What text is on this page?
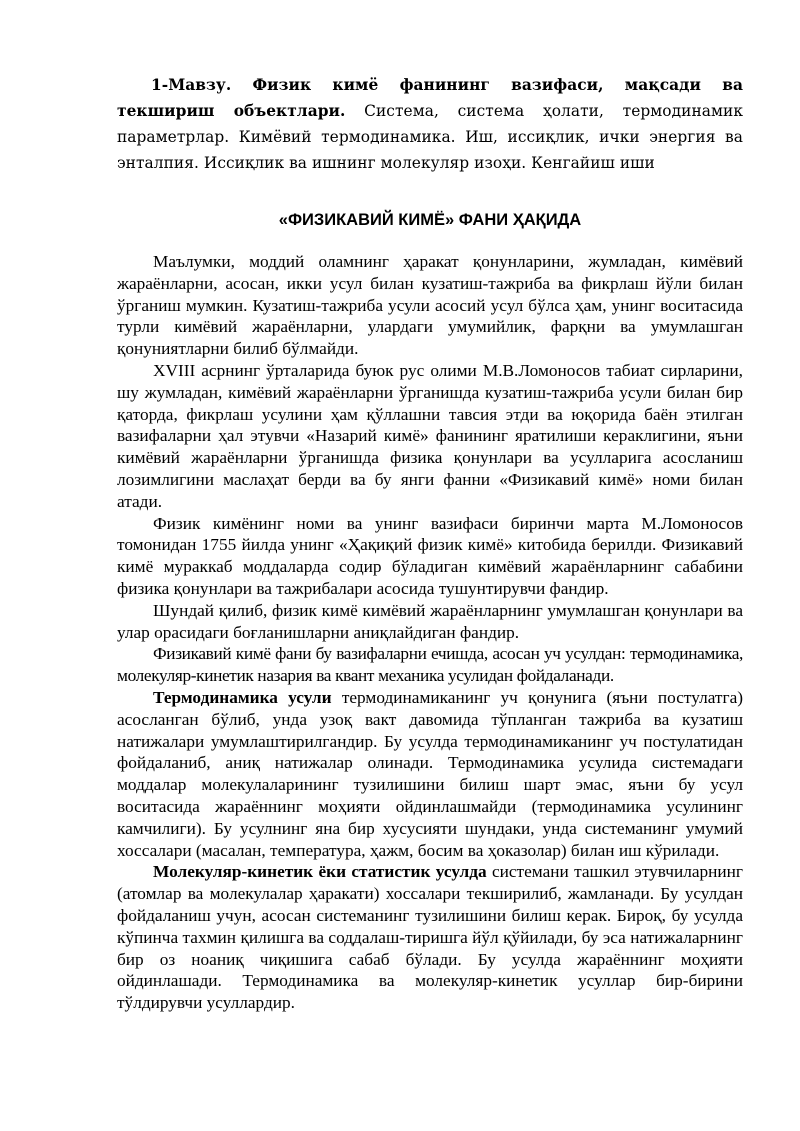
1-Мавзу. Физик кимё фанининг вазифаси, мақсади ва текшириш объектлари. Система, система ҳолати, термодинамик параметрлар. Кимёвий термодинамика. Иш, иссиқлик, ички энергия ва энталпия. Иссиқлик ва ишнинг молекуляр изоҳи. Кенгайиш иши

«ФИЗИКАВИЙ КИМЁ» ФАНИ ҲАҚИДА

Маълумки, моддий оламнинг ҳаракат қонунларини, жумладан, кимёвий жараёнларни, асосан, икки усул билан кузатиш-тажриба ва фикрлаш йўли билан ўрганиш мумкин. Кузатиш-тажриба усули асосий усул бўлса ҳам, унинг воситасида турли кимёвий жараёнларни, улардаги умумийлик, фарқни ва умумлашган қонуниятларни билиб бўлмайди.

XVIII асрнинг ўрталарида буюк рус олими М.В.Ломоносов табиат сирларини, шу жумладан, кимёвий жараёнларни ўрганишда кузатиш-тажриба усули билан бир қаторда, фикрлаш усулини ҳам қўллашни тавсия этди ва юқорида баён этилган вазифаларни ҳал этувчи «Назарий кимё» фанининг яратилиши кераклигини, яъни кимёвий жараёнларни ўрганишда физика қонунлари ва усулларига асосланиш лозимлигини маслаҳат берди ва бу янги фанни «Физикавий кимё» номи билан атади.

Физик кимёнинг номи ва унинг вазифаси биринчи марта М.Ломоносов томонидан 1755 йилда унинг «Ҳақиқий физик кимё» китобида берилди. Физикавий кимё мураккаб моддаларда содир бўладиган кимёвий жараёнларнинг сабабини физика қонунлари ва тажрибалари асосида тушунтирувчи фандир.

Шундай қилиб, физик кимё кимёвий жараёнларнинг умумлашган қонунлари ва улар орасидаги боғланишларни аниқлайдиган фандир.

Физикавий кимё фани бу вазифаларни ечишда, асосан уч усулдан: термодинамика, молекуляр-кинетик назария ва квант механика усулидан фойдаланади.

Термодинамика усули термодинамиканинг уч қонунига (яъни постулатга) асосланган бўлиб, унда узоқ вакт давомида тўпланган тажриба ва кузатиш натижалари умумлаштирилгандир. Бу усулда термодинамиканинг уч постулатидан фойдаланиб, аниқ натижалар олинади. Термодинамика усулида системадаги моддалар молекулаларининг тузилишини билиш шарт эмас, яъни бу усул воситасида жараённинг моҳияти ойдинлашмайди (термодинамика усулининг камчилиги). Бу усулнинг яна бир хусусияти шундаки, унда системанинг умумий хоссалари (масалан, температура, ҳажм, босим ва ҳоказолар) билан иш кўрилади.

Молекуляр-кинетик ёки статистик усулда системани ташкил этувчиларнинг (атомлар ва молекулалар ҳаракати) хоссалари текширилиб, жамланади. Бу усулдан фойдаланиш учун, асосан системанинг тузилишини билиш керак. Бироқ, бу усулда кўпинча тахмин қилишга ва соддалаш-тиришга йўл қўйилади, бу эса натижаларнинг бир оз ноаниқ чиқишига сабаб бўлади. Бу усулда жараённинг моҳияти ойдинлашади. Термодинамика ва молекуляр-кинетик усуллар бир-бирини тўлдирувчи усуллардир.
